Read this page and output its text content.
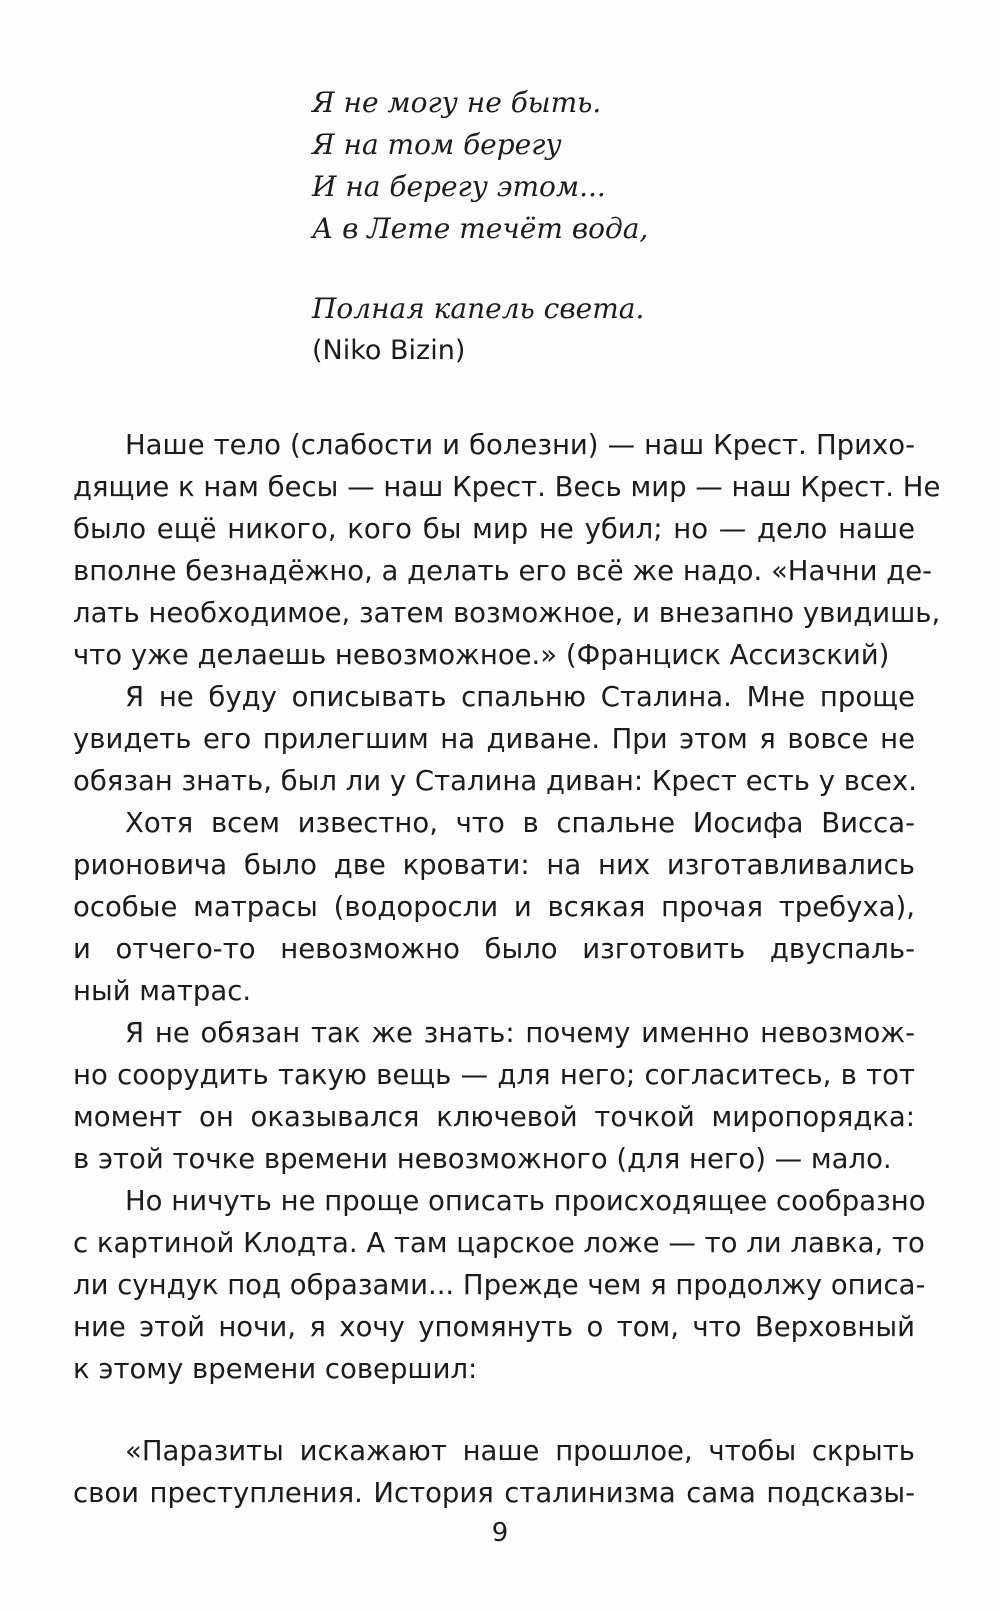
Я не могу не быть.
Я на том берегу
И на берегу этом...
А в Лете течёт вода,
Полная капель света.
(Niko Bizin)
Наше тело (слабости и болезни) — наш Крест. Прихо-
дящие к нам бесы — наш Крест. Весь мир — наш Крест. Не
было ещё никого, кого бы мир не убил; но — дело наше
вполне безнадёжно, а делать его всё же надо. «Начни де-
лать необходимое, затем возможное, и внезапно увидишь,
что уже делаешь невозможное.» (Франциск Ассизский)
Я не буду описывать спальню Сталина. Мне проще
увидеть его прилегшим на диване. При этом я вовсе не
обязан знать, был ли у Сталина диван: Крест есть у всех.
Хотя всем известно, что в спальне Иосифа Висса-
рионовича было две кровати: на них изготавливались
особые матрасы (водоросли и всякая прочая требуха),
и отчего-то невозможно было изготовить двуспаль-
ный матрас.
Я не обязан так же знать: почему именно невозмож-
но соорудить такую вещь — для него; согласитесь, в тот
момент он оказывался ключевой точкой миропорядка:
в этой точке времени невозможного (для него) — мало.
Но ничуть не проще описать происходящее сообразно
с картиной Клодта. А там царское ложе — то ли лавка, то
ли сундук под образами... Прежде чем я продолжу описа-
ние этой ночи, я хочу упомянуть о том, что Верховный
к этому времени совершил:
«Паразиты искажают наше прошлое, чтобы скрыть
свои преступления. История сталинизма сама подсказы-
9
